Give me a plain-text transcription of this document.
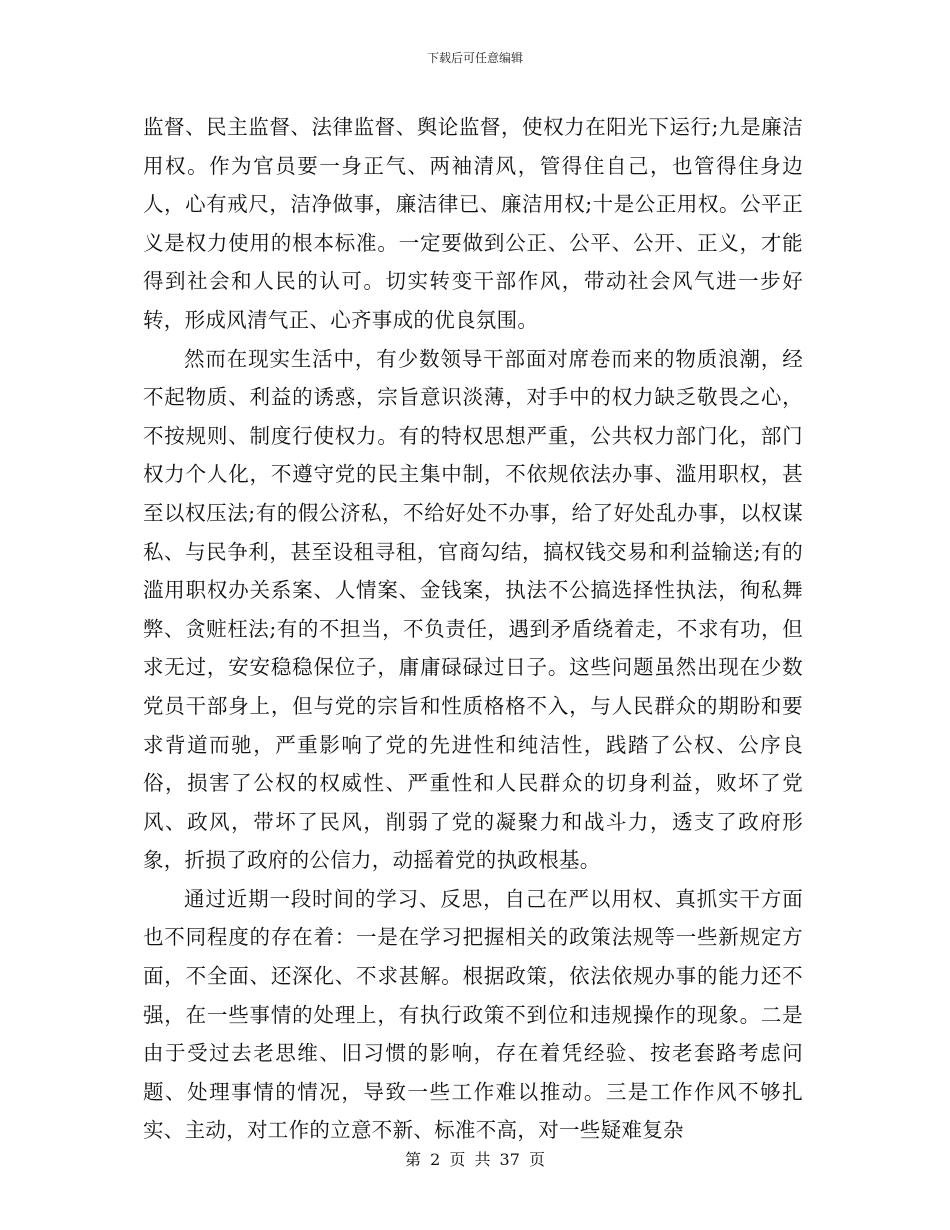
下载后可任意编辑

监督、民主监督、法律监督、舆论监督，使权力在阳光下运行;九是廉洁用权。作为官员要一身正气、两袖清风，管得住自己，也管得住身边人，心有戒尺，洁净做事，廉洁律已、廉洁用权;十是公正用权。公平正义是权力使用的根本标准。一定要做到公正、公平、公开、正义，才能得到社会和人民的认可。切实转变干部作风，带动社会风气进一步好转，形成风清气正、心齐事成的优良氛围。

然而在现实生活中，有少数领导干部面对席卷而来的物质浪潮，经不起物质、利益的诱惑，宗旨意识淡薄，对手中的权力缺乏敬畏之心，不按规则、制度行使权力。有的特权思想严重，公共权力部门化，部门权力个人化，不遵守党的民主集中制，不依规依法办事、滥用职权，甚至以权压法;有的假公济私，不给好处不办事，给了好处乱办事，以权谋私、与民争利，甚至设租寻租，官商勾结，搞权钱交易和利益输送;有的滥用职权办关系案、人情案、金钱案，执法不公搞选择性执法，徇私舞弊、贪赃枉法;有的不担当，不负责任，遇到矛盾绕着走，不求有功，但求无过，安安稳稳保位子，庸庸碌碌过日子。这些问题虽然出现在少数党员干部身上，但与党的宗旨和性质格格不入，与人民群众的期盼和要求背道而驰，严重影响了党的先进性和纯洁性，践踏了公权、公序良俗，损害了公权的权威性、严重性和人民群众的切身利益，败坏了党风、政风，带坏了民风，削弱了党的凝聚力和战斗力，透支了政府形象，折损了政府的公信力，动摇着党的执政根基。

通过近期一段时间的学习、反思，自己在严以用权、真抓实干方面也不同程度的存在着：一是在学习把握相关的政策法规等一些新规定方面，不全面、还深化、不求甚解。根据政策，依法依规办事的能力还不强，在一些事情的处理上，有执行政策不到位和违规操作的现象。二是由于受过去老思维、旧习惯的影响，存在着凭经验、按老套路考虑问题、处理事情的情况，导致一些工作难以推动。三是工作作风不够扎实、主动，对工作的立意不新、标准不高，对一些疑难复杂

第 2 页 共 37 页
